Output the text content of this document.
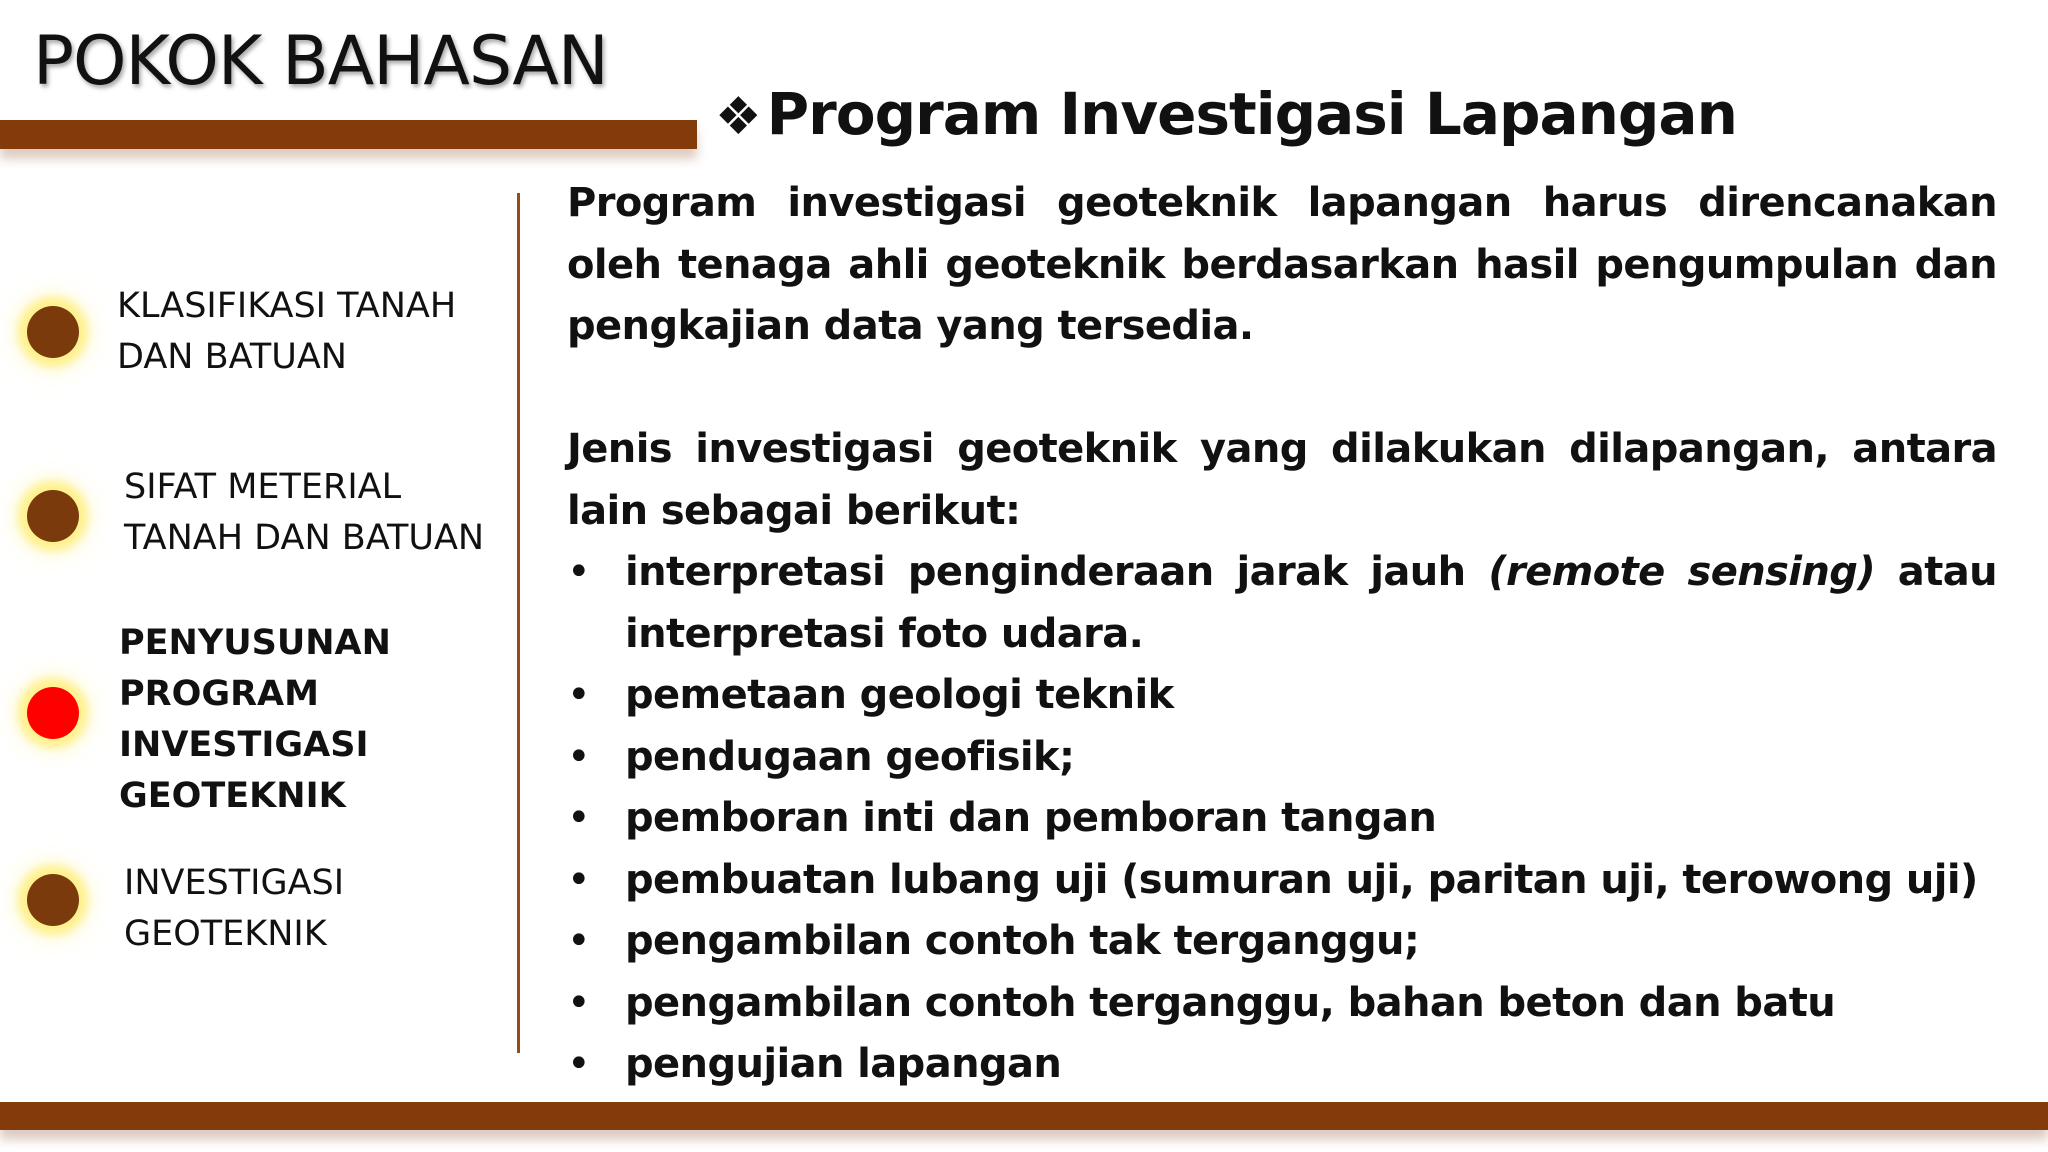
POKOK BAHASAN
❖ Program Investigasi Lapangan
KLASIFIKASI TANAH
DAN BATUAN
SIFAT METERIAL
TANAH DAN BATUAN
PENYUSUNAN
PROGRAM
INVESTIGASI
GEOTEKNIK
INVESTIGASI
GEOTEKNIK

Program investigasi geoteknik lapangan harus direncanakan oleh tenaga ahli geoteknik berdasarkan hasil pengumpulan dan pengkajian data yang tersedia.

Jenis investigasi geoteknik yang dilakukan dilapangan, antara lain sebagai berikut:

• interpretasi penginderaan jarak jauh (remote sensing) atau interpretasi foto udara.
• pemetaan geologi teknik
• pendugaan geofisik;
• pemboran inti dan pemboran tangan
• pembuatan lubang uji (sumuran uji, paritan uji, terowong uji)
• pengambilan contoh tak terganggu;
• pengambilan contoh terganggu, bahan beton dan batu
• pengujian lapangan
